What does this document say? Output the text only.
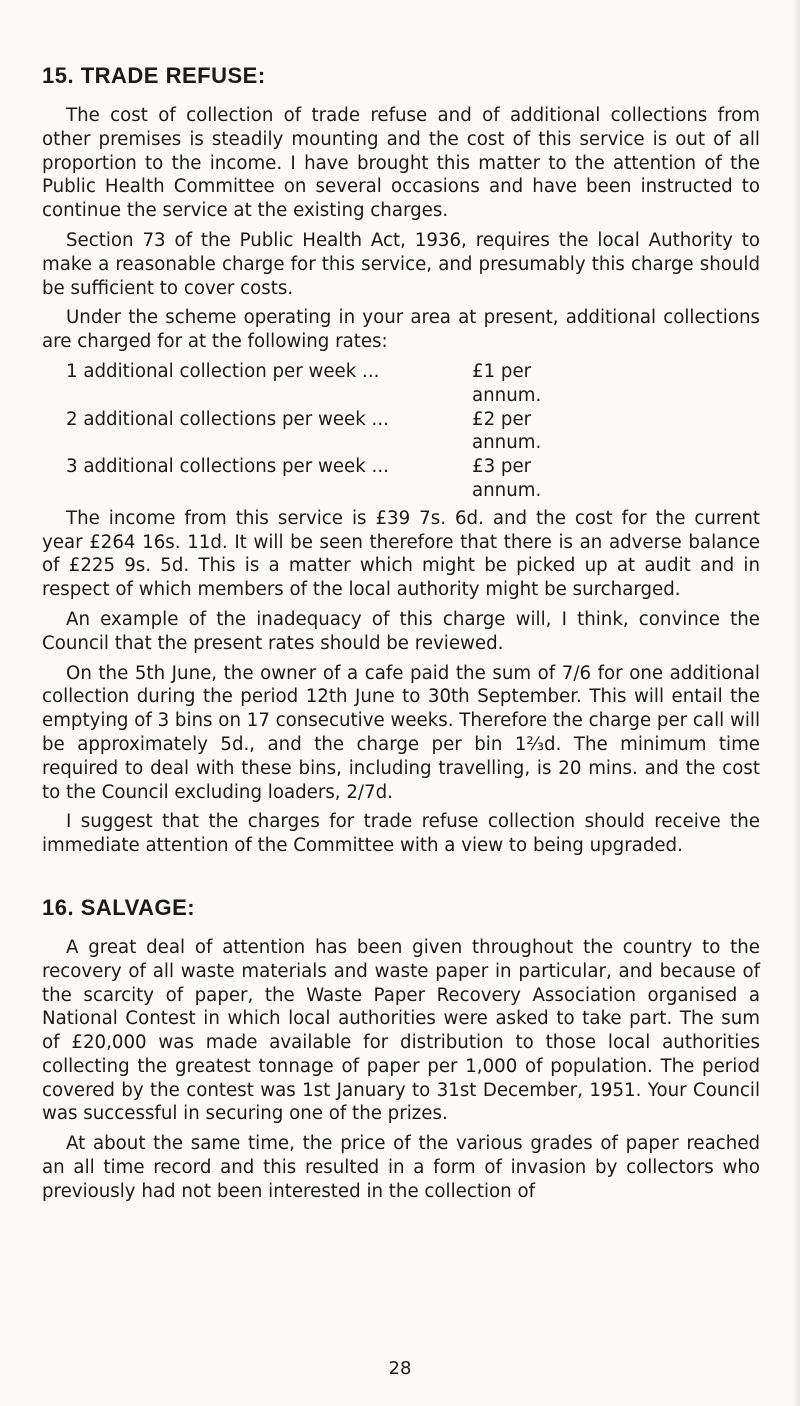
15. TRADE REFUSE:

The cost of collection of trade refuse and of additional collections from other premises is steadily mounting and the cost of this service is out of all proportion to the income. I have brought this matter to the attention of the Public Health Committee on several occasions and have been instructed to continue the service at the existing charges.

Section 73 of the Public Health Act, 1936, requires the local Authority to make a reasonable charge for this service, and presumably this charge should be sufficient to cover costs.

Under the scheme operating in your area at present, additional collections are charged for at the following rates:

1 additional collection per week ...	£1 per annum.
2 additional collections per week ...	£2 per annum.
3 additional collections per week ...	£3 per annum.

The income from this service is £39 7s. 6d. and the cost for the current year £264 16s. 11d. It will be seen therefore that there is an adverse balance of £225 9s. 5d. This is a matter which might be picked up at audit and in respect of which members of the local authority might be surcharged.

An example of the inadequacy of this charge will, I think, convince the Council that the present rates should be reviewed.

On the 5th June, the owner of a cafe paid the sum of 7/6 for one additional collection during the period 12th June to 30th September. This will entail the emptying of 3 bins on 17 consecutive weeks. Therefore the charge per call will be approximately 5d., and the charge per bin 1⅔d. The minimum time required to deal with these bins, including travelling, is 20 mins. and the cost to the Council excluding loaders, 2/7d.

I suggest that the charges for trade refuse collection should receive the immediate attention of the Committee with a view to being upgraded.

16. SALVAGE:

A great deal of attention has been given throughout the country to the recovery of all waste materials and waste paper in particular, and because of the scarcity of paper, the Waste Paper Recovery Association organised a National Contest in which local authorities were asked to take part. The sum of £20,000 was made available for distribution to those local authorities collecting the greatest tonnage of paper per 1,000 of population. The period covered by the contest was 1st January to 31st December, 1951. Your Council was successful in securing one of the prizes.

At about the same time, the price of the various grades of paper reached an all time record and this resulted in a form of invasion by collectors who previously had not been interested in the collection of

28
